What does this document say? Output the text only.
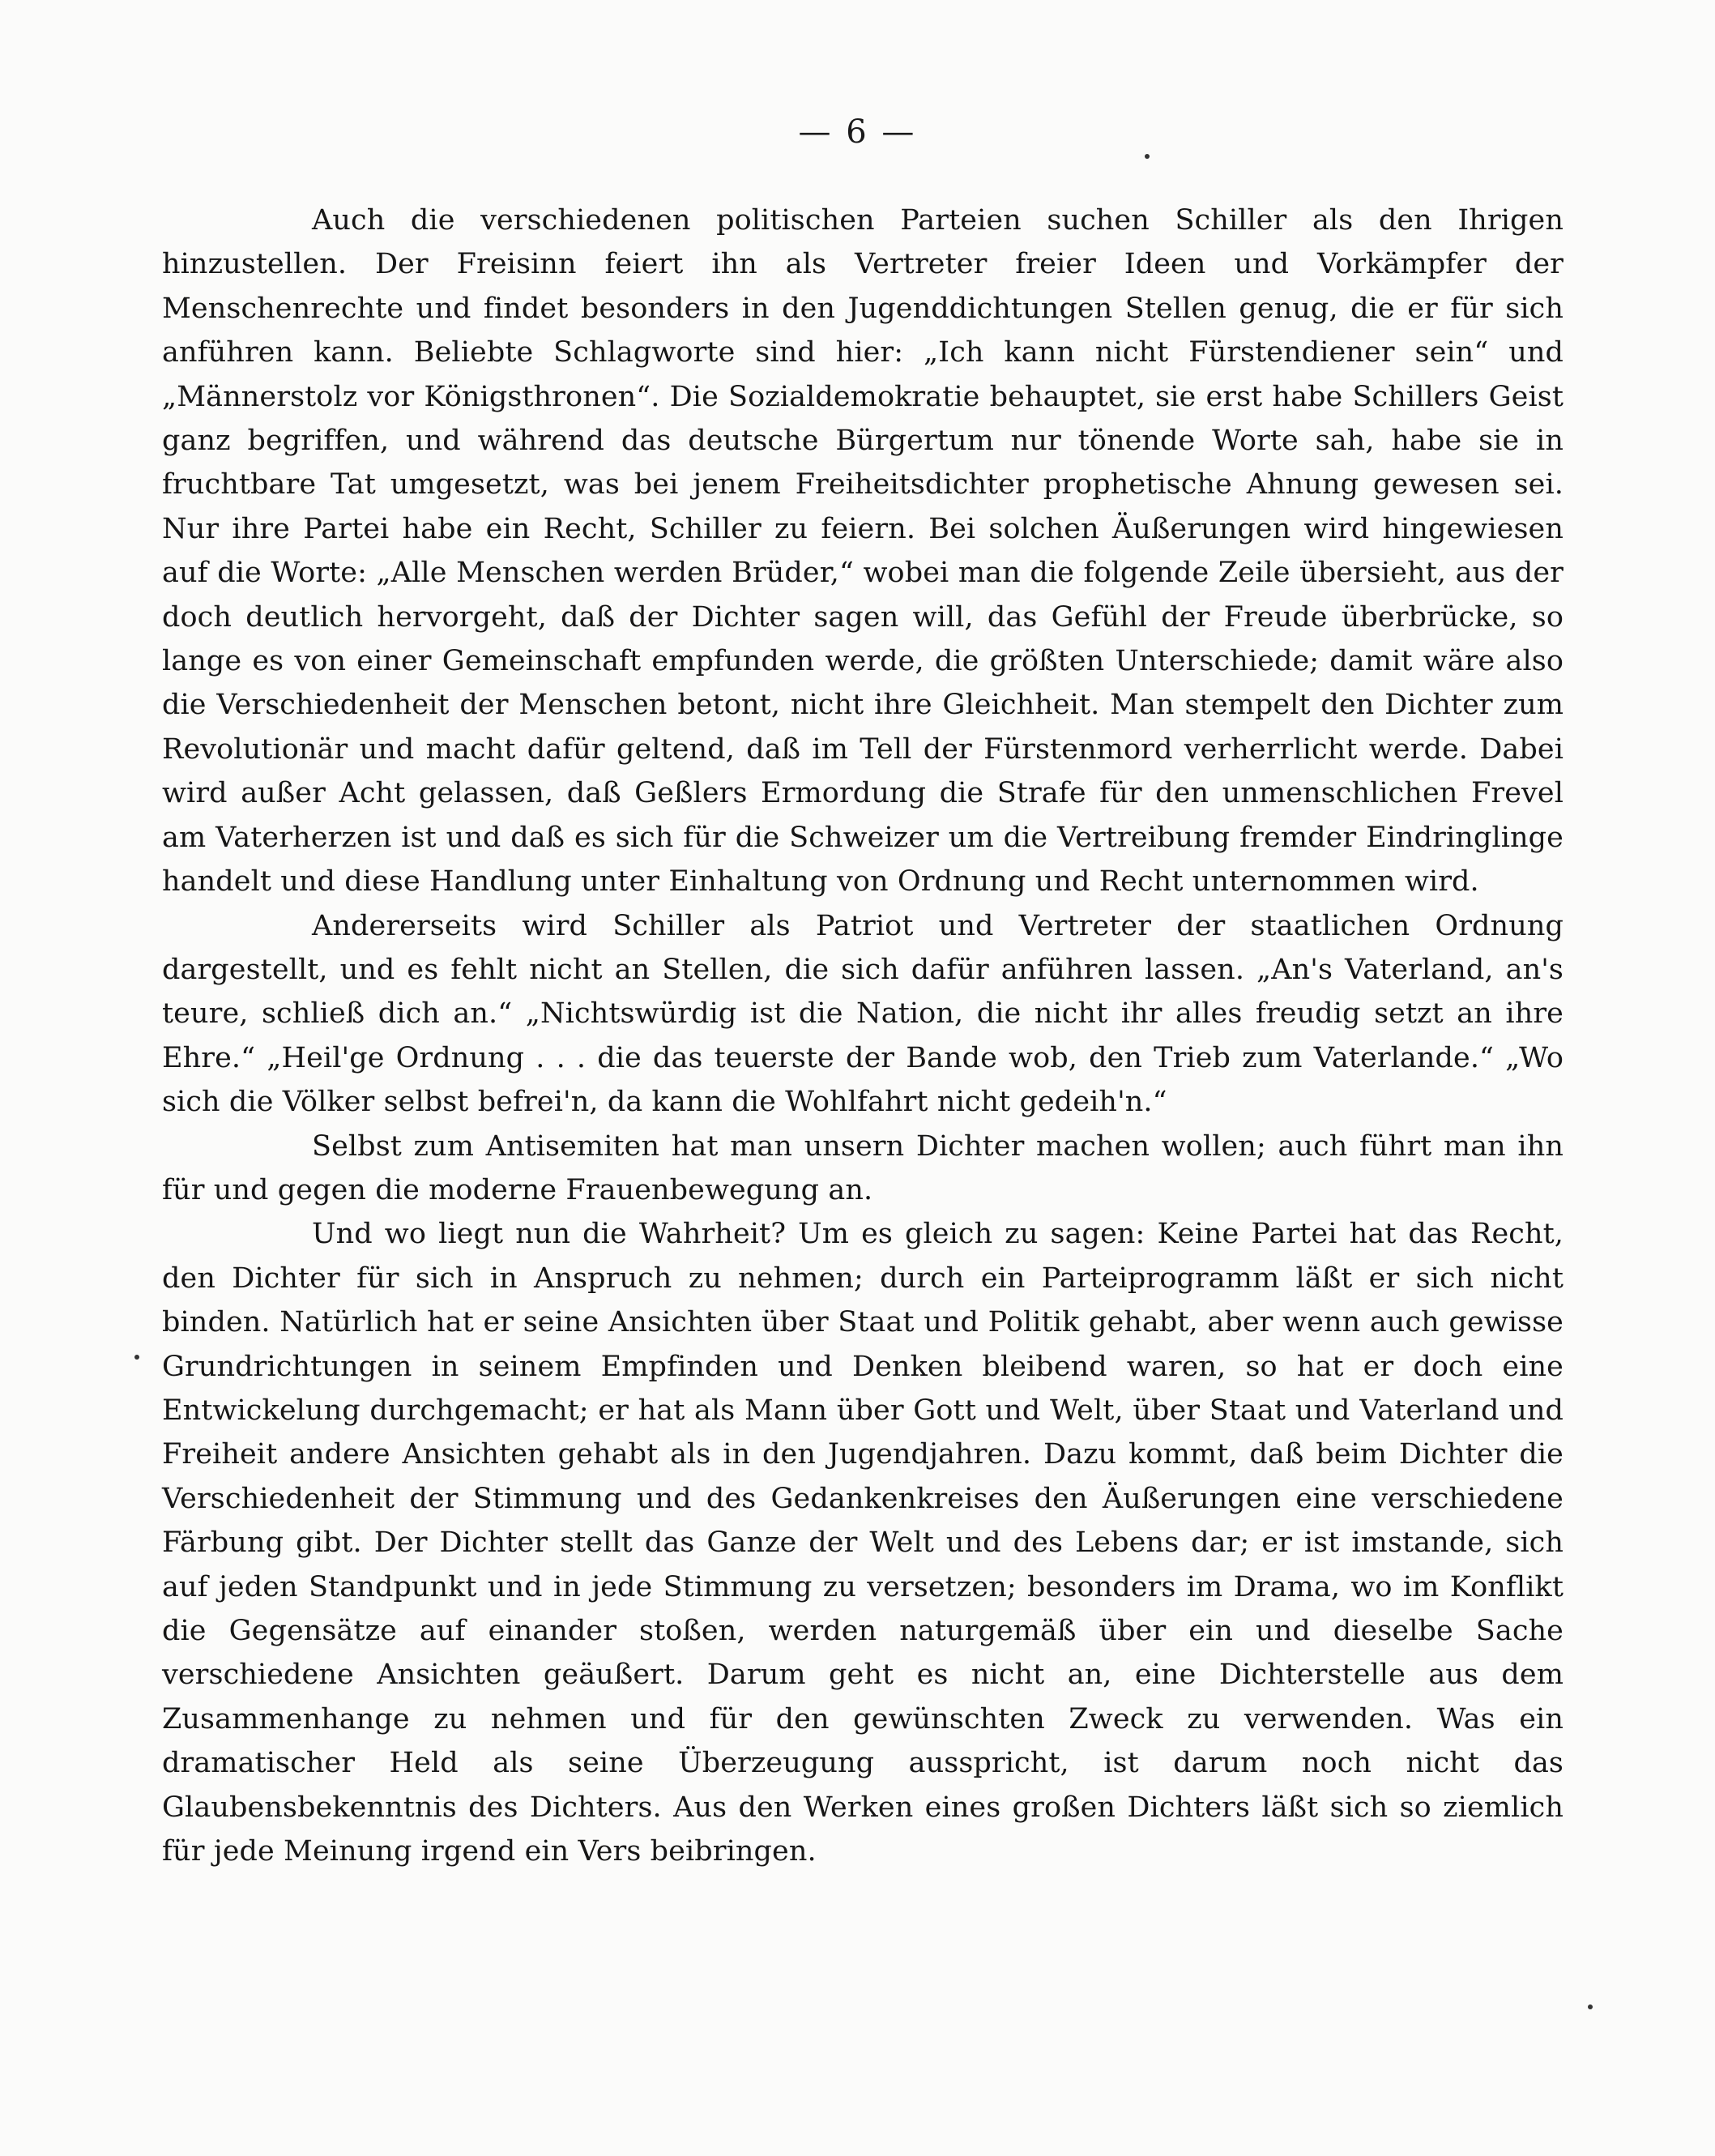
— 6 —

Auch die verschiedenen politischen Parteien suchen Schiller als den Ihrigen hinzustellen. Der Freisinn feiert ihn als Vertreter freier Ideen und Vorkämpfer der Menschenrechte und findet besonders in den Jugenddichtungen Stellen genug, die er für sich anführen kann. Beliebte Schlagworte sind hier: „Ich kann nicht Fürstendiener sein“ und „Männerstolz vor Königsthronen“. Die Sozialdemokratie behauptet, sie erst habe Schillers Geist ganz begriffen, und während das deutsche Bürgertum nur tönende Worte sah, habe sie in fruchtbare Tat umgesetzt, was bei jenem Freiheitsdichter prophetische Ahnung gewesen sei. Nur ihre Partei habe ein Recht, Schiller zu feiern. Bei solchen Äußerungen wird hingewiesen auf die Worte: „Alle Menschen werden Brüder,“ wobei man die folgende Zeile übersieht, aus der doch deutlich hervorgeht, daß der Dichter sagen will, das Gefühl der Freude überbrücke, so lange es von einer Gemeinschaft empfunden werde, die größten Unterschiede; damit wäre also die Verschiedenheit der Menschen betont, nicht ihre Gleichheit. Man stempelt den Dichter zum Revolutionär und macht dafür geltend, daß im Tell der Fürstenmord verherrlicht werde. Dabei wird außer Acht gelassen, daß Geßlers Ermordung die Strafe für den unmenschlichen Frevel am Vaterherzen ist und daß es sich für die Schweizer um die Vertreibung fremder Eindringlinge handelt und diese Handlung unter Einhaltung von Ordnung und Recht unternommen wird.

Andererseits wird Schiller als Patriot und Vertreter der staatlichen Ordnung dargestellt, und es fehlt nicht an Stellen, die sich dafür anführen lassen. „An's Vaterland, an's teure, schließ dich an.“ „Nichtswürdig ist die Nation, die nicht ihr alles freudig setzt an ihre Ehre.“ „Heil'ge Ordnung . . . die das teuerste der Bande wob, den Trieb zum Vaterlande.“ „Wo sich die Völker selbst befrei'n, da kann die Wohlfahrt nicht gedeih'n.“

Selbst zum Antisemiten hat man unsern Dichter machen wollen; auch führt man ihn für und gegen die moderne Frauenbewegung an.

Und wo liegt nun die Wahrheit? Um es gleich zu sagen: Keine Partei hat das Recht, den Dichter für sich in Anspruch zu nehmen; durch ein Parteiprogramm läßt er sich nicht binden. Natürlich hat er seine Ansichten über Staat und Politik gehabt, aber wenn auch gewisse Grundrichtungen in seinem Empfinden und Denken bleibend waren, so hat er doch eine Entwickelung durchgemacht; er hat als Mann über Gott und Welt, über Staat und Vaterland und Freiheit andere Ansichten gehabt als in den Jugendjahren. Dazu kommt, daß beim Dichter die Verschiedenheit der Stimmung und des Gedankenkreises den Äußerungen eine verschiedene Färbung gibt. Der Dichter stellt das Ganze der Welt und des Lebens dar; er ist imstande, sich auf jeden Standpunkt und in jede Stimmung zu versetzen; besonders im Drama, wo im Konflikt die Gegensätze auf einander stoßen, werden naturgemäß über ein und dieselbe Sache verschiedene Ansichten geäußert. Darum geht es nicht an, eine Dichterstelle aus dem Zusammenhange zu nehmen und für den gewünschten Zweck zu verwenden. Was ein dramatischer Held als seine Überzeugung ausspricht, ist darum noch nicht das Glaubensbekenntnis des Dichters. Aus den Werken eines großen Dichters läßt sich so ziemlich für jede Meinung irgend ein Vers beibringen.
